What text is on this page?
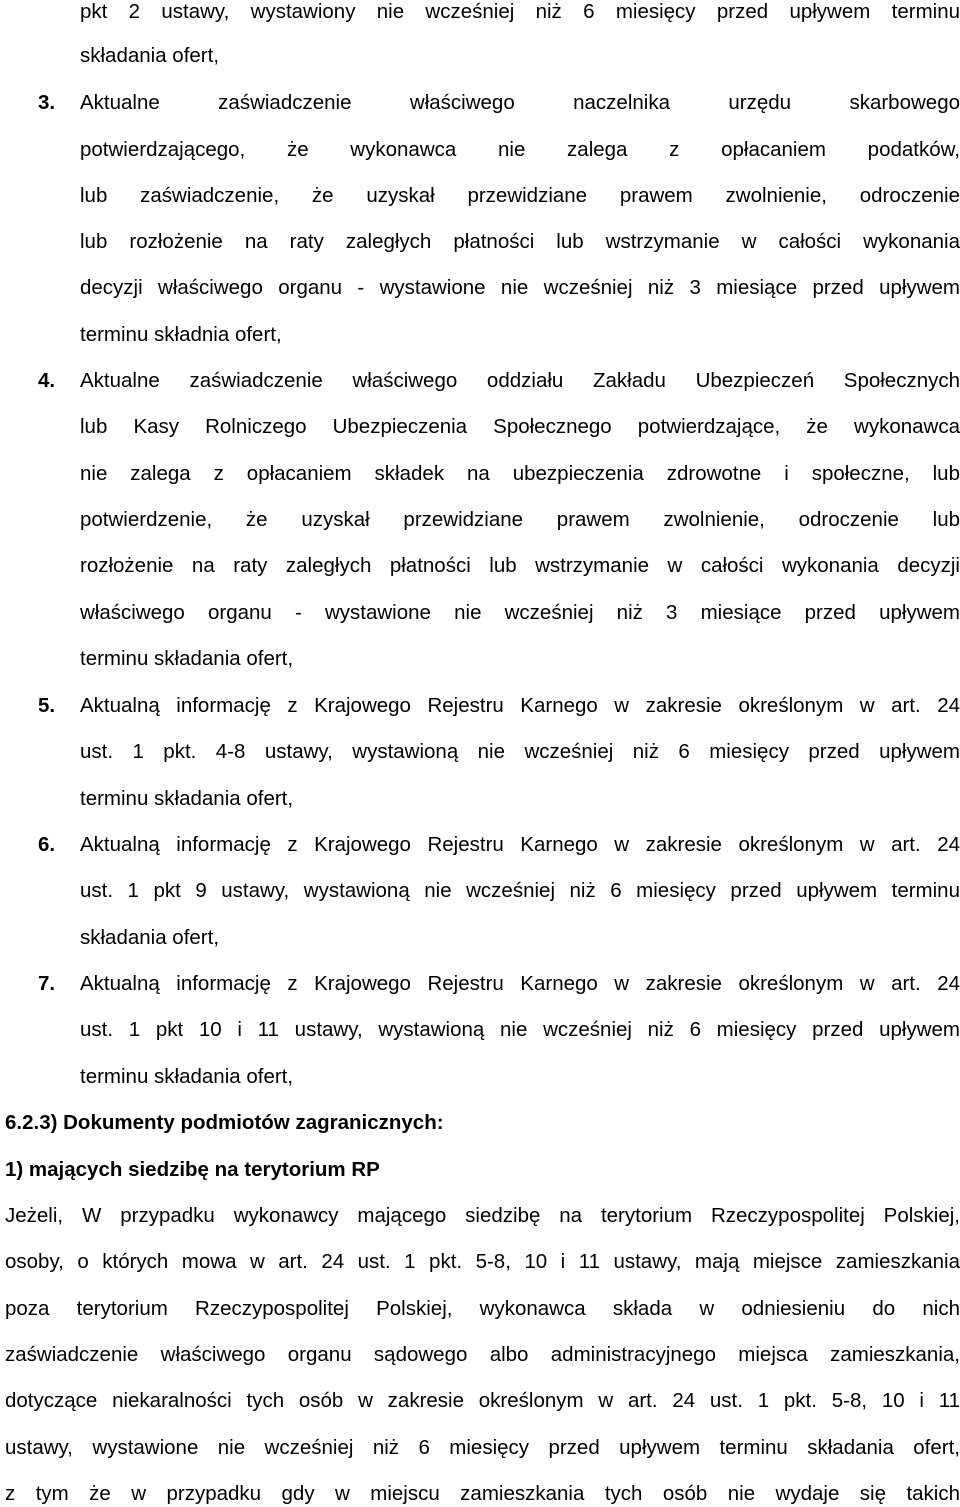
pkt 2 ustawy, wystawiony nie wcześniej niż 6 miesięcy przed upływem terminu
składania ofert,
3. Aktualne zaświadczenie właściwego naczelnika urzędu skarbowego
potwierdzającego, że wykonawca nie zalega z opłacaniem podatków,
lub zaświadczenie, że uzyskał przewidziane prawem zwolnienie, odroczenie
lub rozłożenie na raty zaległych płatności lub wstrzymanie w całości wykonania
decyzji właściwego organu - wystawione nie wcześniej niż 3 miesiące przed upływem
terminu składnia ofert,
4. Aktualne zaświadczenie właściwego oddziału Zakładu Ubezpieczeń Społecznych
lub Kasy Rolniczego Ubezpieczenia Społecznego potwierdzające, że wykonawca
nie zalega z opłacaniem składek na ubezpieczenia zdrowotne i społeczne, lub
potwierdzenie, że uzyskał przewidziane prawem zwolnienie, odroczenie lub
rozłożenie na raty zaległych płatności lub wstrzymanie w całości wykonania decyzji
właściwego organu - wystawione nie wcześniej niż 3 miesiące przed upływem
terminu składania ofert,
5. Aktualną informację z Krajowego Rejestru Karnego w zakresie określonym w art. 24
ust. 1 pkt. 4-8 ustawy, wystawioną nie wcześniej niż 6 miesięcy przed upływem
terminu składania ofert,
6. Aktualną informację z Krajowego Rejestru Karnego w zakresie określonym w art. 24
ust. 1 pkt 9 ustawy, wystawioną nie wcześniej niż 6 miesięcy przed upływem terminu
składania ofert,
7. Aktualną informację z Krajowego Rejestru Karnego w zakresie określonym w art. 24
ust. 1 pkt 10 i 11 ustawy, wystawioną nie wcześniej niż 6 miesięcy przed upływem
terminu składania ofert,
6.2.3) Dokumenty podmiotów zagranicznych:
1) mających siedzibę na terytorium RP
Jeżeli, W przypadku wykonawcy mającego siedzibę na terytorium Rzeczypospolitej Polskiej,
osoby, o których mowa w art. 24 ust. 1 pkt. 5-8, 10 i 11 ustawy, mają miejsce zamieszkania
poza terytorium Rzeczypospolitej Polskiej, wykonawca składa w odniesieniu do nich
zaświadczenie właściwego organu sądowego albo administracyjnego miejsca zamieszkania,
dotyczące niekaralności tych osób w zakresie określonym w art. 24 ust. 1 pkt. 5-8, 10 i 11
ustawy, wystawione nie wcześniej niż 6 miesięcy przed upływem terminu składania ofert,
z tym że w przypadku gdy w miejscu zamieszkania tych osób nie wydaje się takich
